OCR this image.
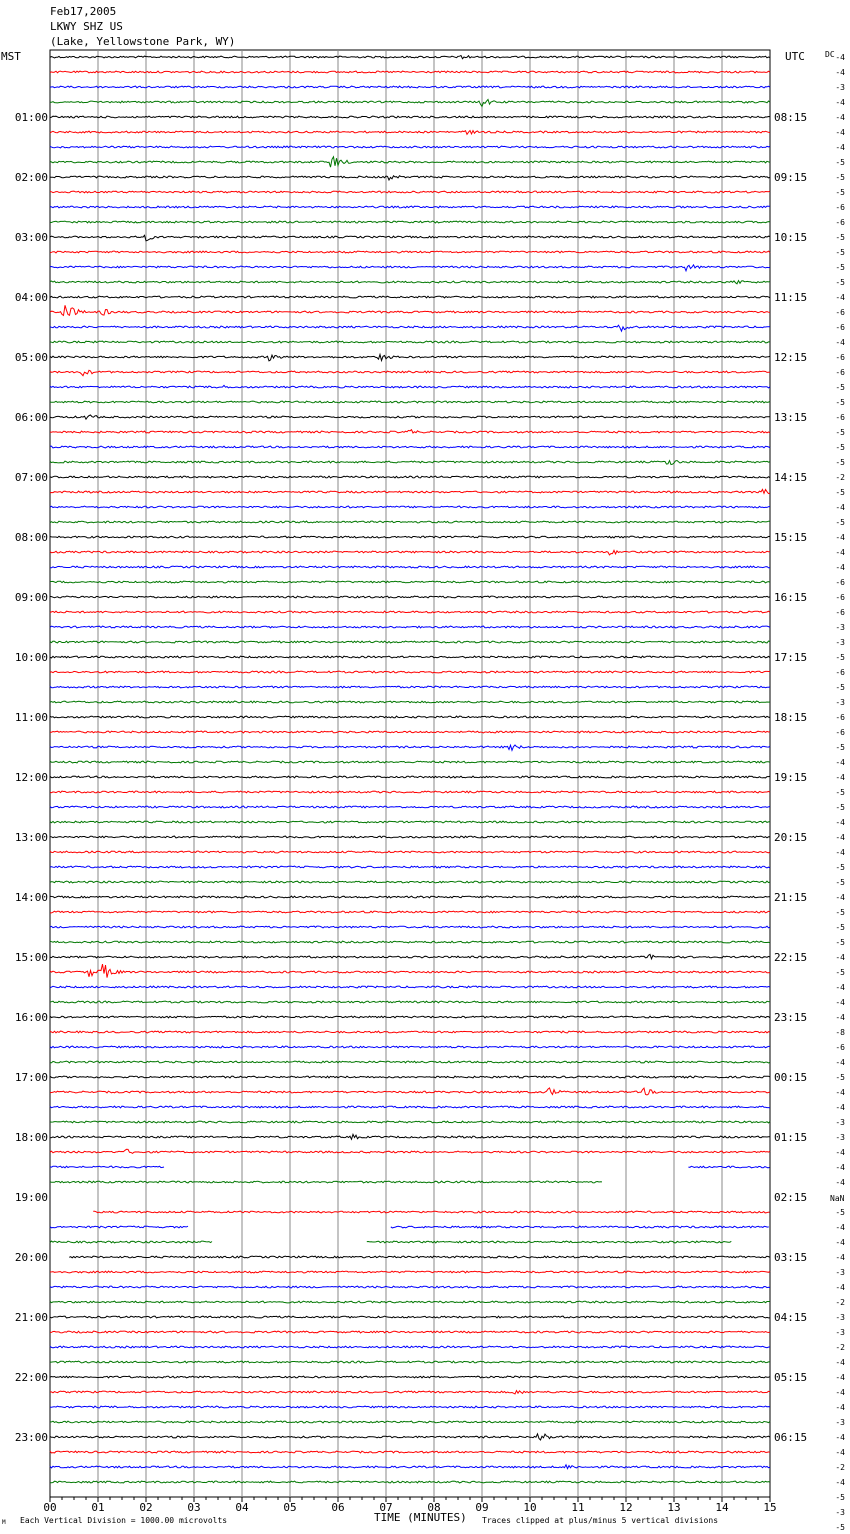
Feb17,2005
LKWY SHZ US
(Lake, Yellowstone Park, WY)
MST	UTC	DC
NaN
00	01	02	03	04	05	06	07	08	09	10	11	12	13	14	15
01:00	08:15
02:00	09:15
03:00	10:15
04:00	11:15
05:00	12:15
06:00	13:15
07:00	14:15
08:00	15:15
09:00	16:15
10:00	17:15
11:00	18:15
12:00	19:15
13:00	20:15
14:00	21:15
15:00	22:15
16:00	23:15
17:00	00:15
18:00	01:15
19:00	02:15
20:00	03:15
21:00	04:15
22:00	05:15
23:00	06:15
-4
-4
-3
-4
-4
-4
-4
-5
-5
-5
-6
-6
-5
-5
-5
-5
-4
-6
-6
-4
-6
-6
-5
-5
-6
-5
-5
-5
-2
-5
-4
-5
-4
-4
-4
-6
-6
-6
-3
-3
-5
-6
-5
-3
-6
-6
-5
-4
-4
-5
-5
-4
-4
-4
-5
-5
-4
-5
-5
-5
-4
-5
-4
-4
-4
-8
-6
-4
-5
-4
-4
-3
-3
-4
-4
-4
-5
-4
-4
-4
-3
-4
-2
-3
-3
-2
-4
-4
-4
-4
-3
-4
-4
-2
-4
-5
-3
-5
M Each Vertical Division = 1000.00 microvolts	TIME (MINUTES) Traces clipped at plus/minus 5 vertical divisions
